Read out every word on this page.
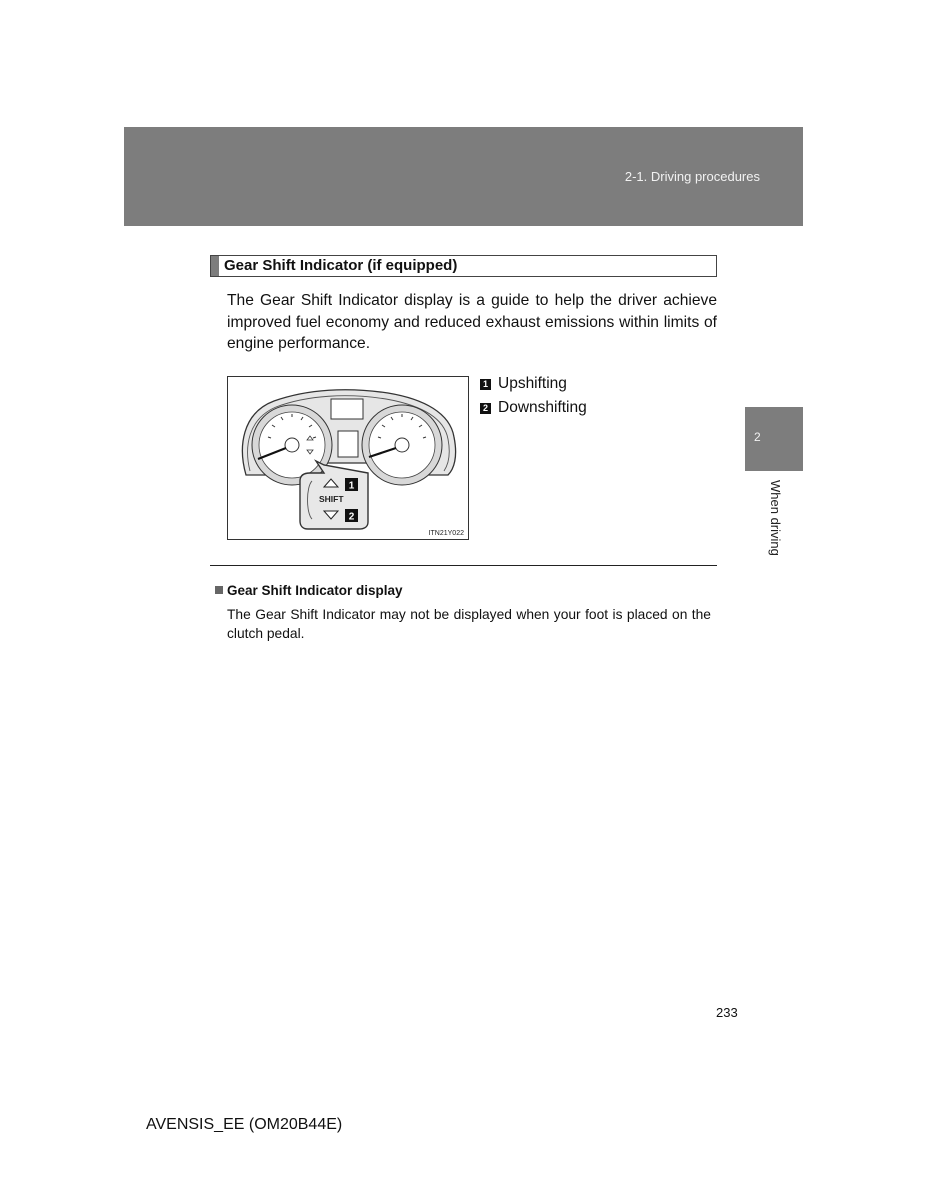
2-1. Driving procedures
2
When driving
Gear Shift Indicator (if equipped)
The Gear Shift Indicator display is a guide to help the driver achieve improved fuel economy and reduced exhaust emissions within limits of engine performance.
SHIFT
1
2
ITN21Y022
1 Upshifting
2 Downshifting
Gear Shift Indicator display
The Gear Shift Indicator may not be displayed when your foot is placed on the clutch pedal.
233
AVENSIS_EE (OM20B44E)
